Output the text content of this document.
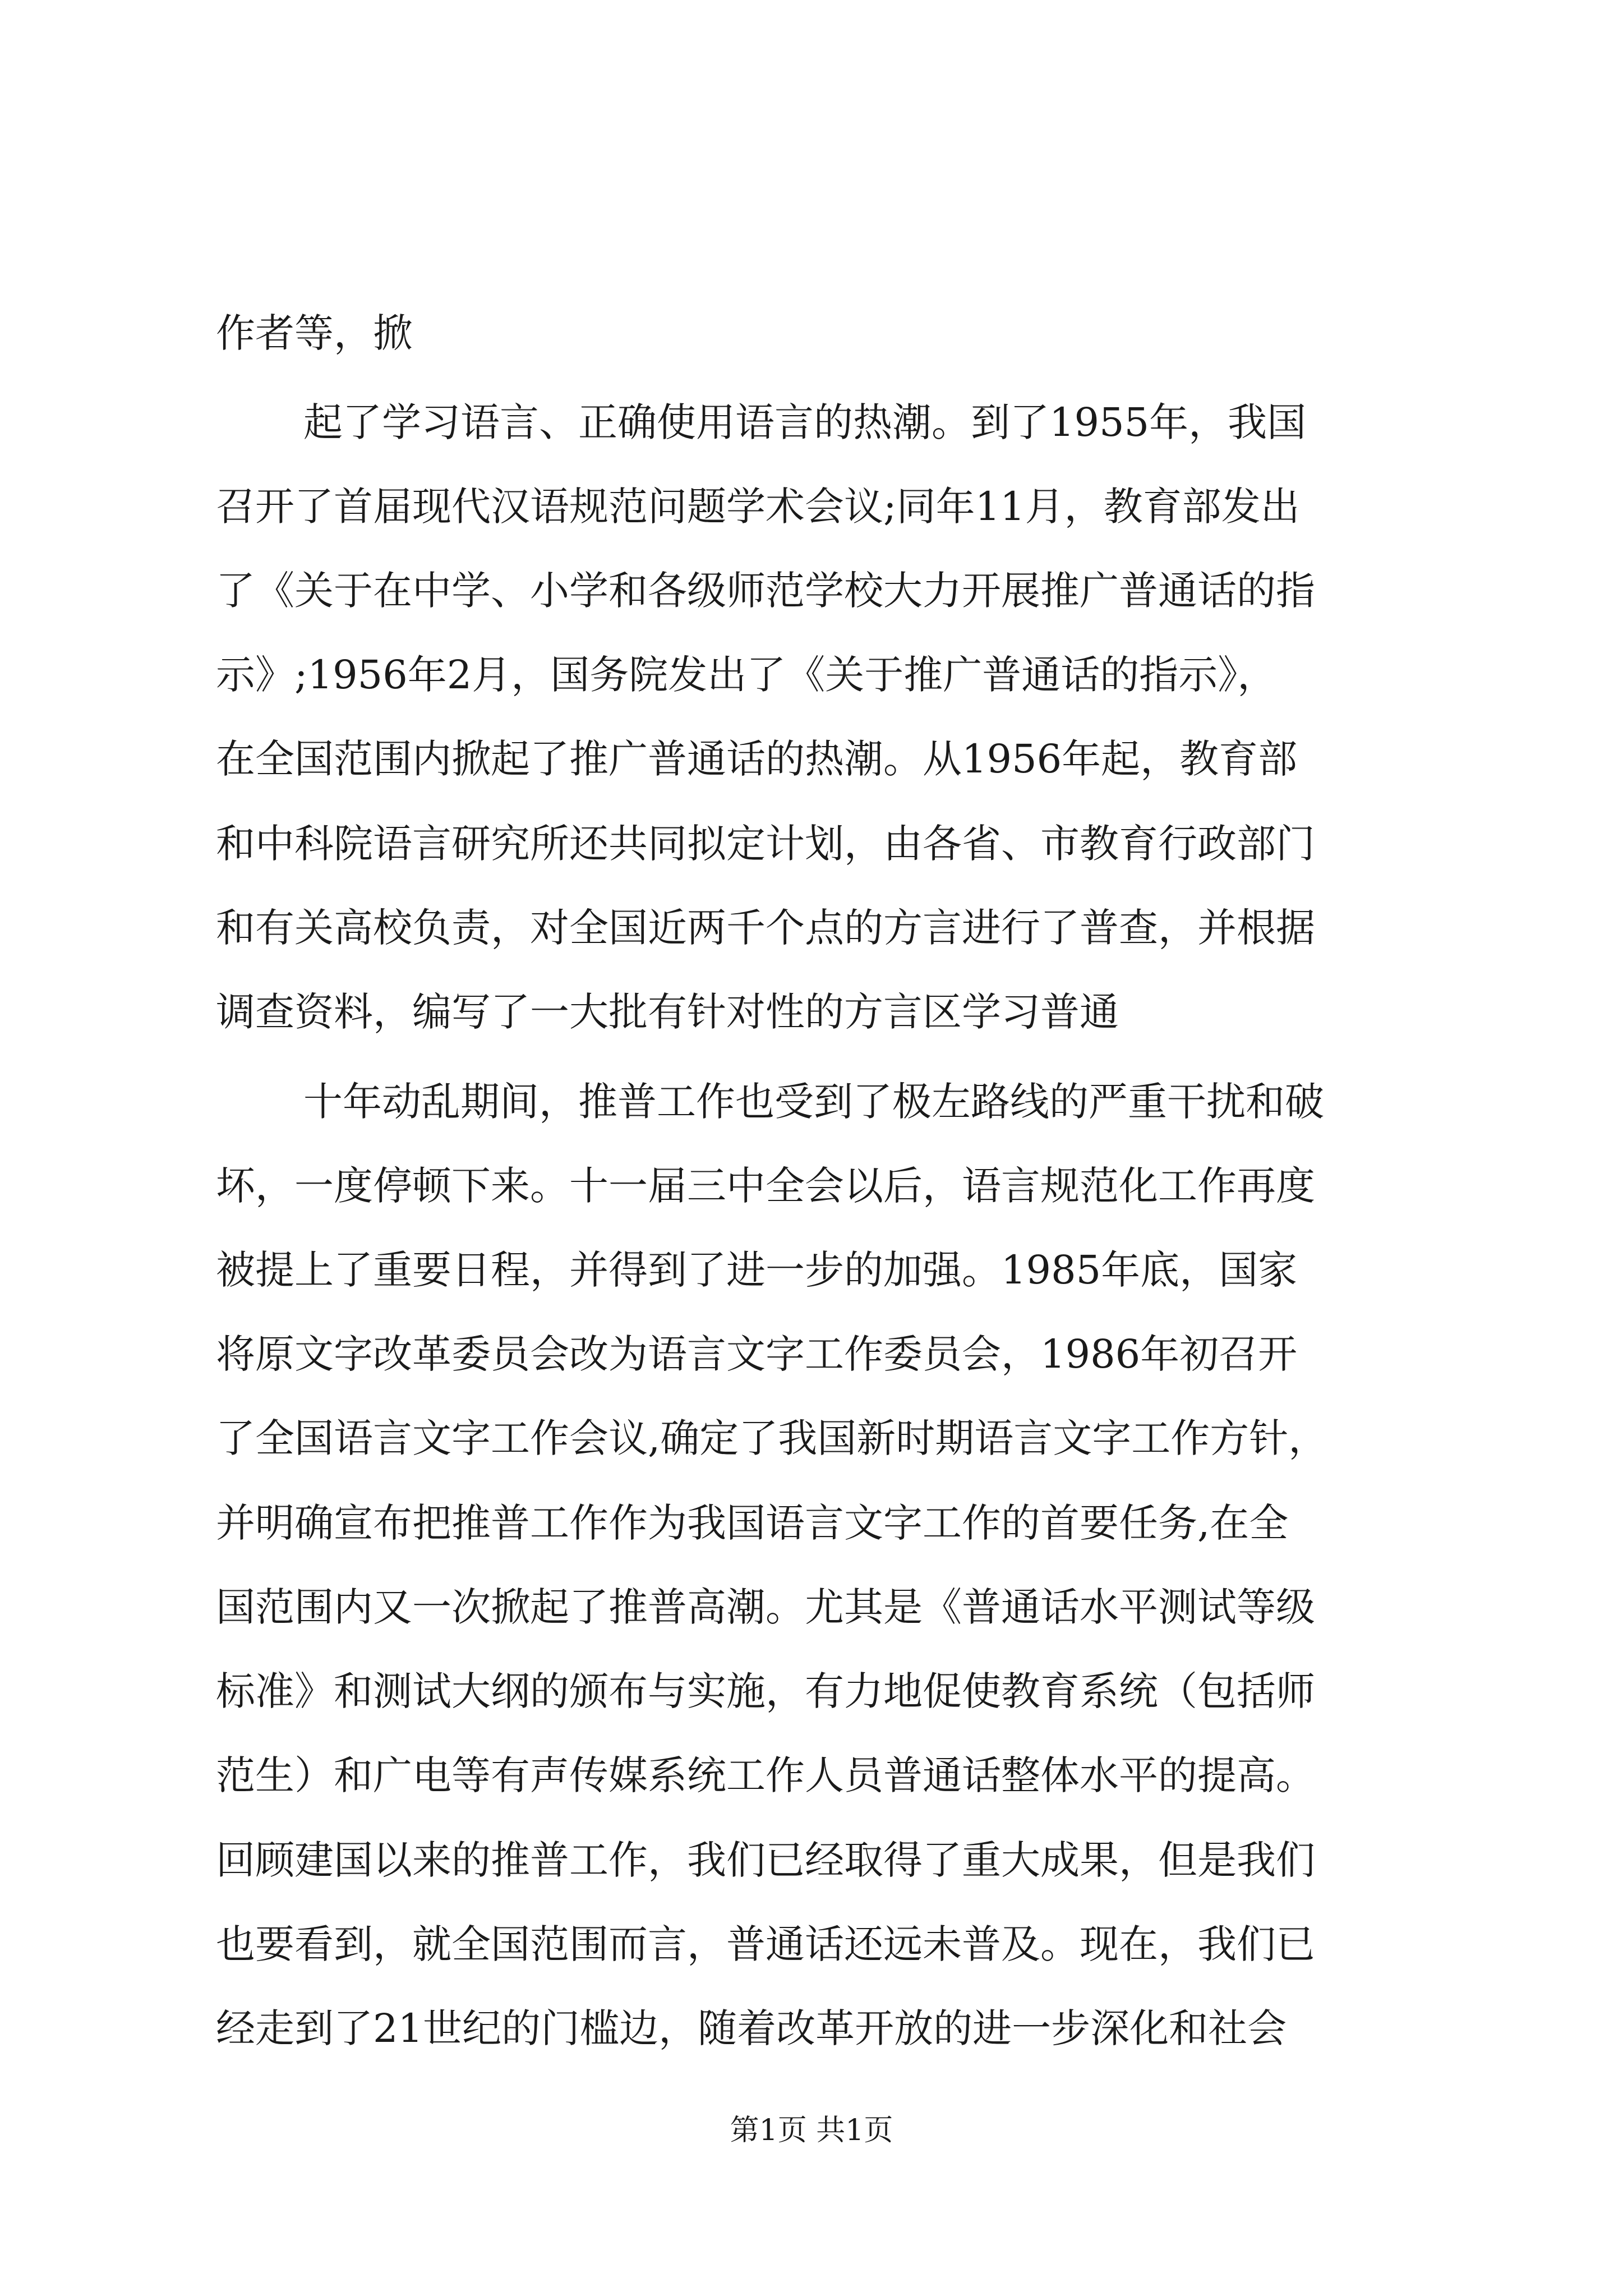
作者等，掀
起了学习语言、正确使用语言的热潮。到了1955年，我国
召开了首届现代汉语规范问题学术会议;同年11月，教育部发出
了《关于在中学、小学和各级师范学校大力开展推广普通话的指
示》;1956年2月，国务院发出了《关于推广普通话的指示》，
在全国范围内掀起了推广普通话的热潮。从1956年起，教育部
和中科院语言研究所还共同拟定计划，由各省、市教育行政部门
和有关高校负责，对全国近两千个点的方言进行了普查，并根据
调查资料，编写了一大批有针对性的方言区学习普通
十年动乱期间，推普工作也受到了极左路线的严重干扰和破
坏，一度停顿下来。十一届三中全会以后，语言规范化工作再度
被提上了重要日程，并得到了进一步的加强。1985年底，国家
将原文字改革委员会改为语言文字工作委员会，1986年初召开
了全国语言文字工作会议,确定了我国新时期语言文字工作方针，
并明确宣布把推普工作作为我国语言文字工作的首要任务,在全
国范围内又一次掀起了推普高潮。尤其是《普通话水平测试等级
标准》和测试大纲的颁布与实施，有力地促使教育系统（包括师
范生）和广电等有声传媒系统工作人员普通话整体水平的提高。
回顾建国以来的推普工作，我们已经取得了重大成果，但是我们
也要看到，就全国范围而言，普通话还远未普及。现在，我们已
经走到了21世纪的门槛边，随着改革开放的进一步深化和社会
第1页 共1页
